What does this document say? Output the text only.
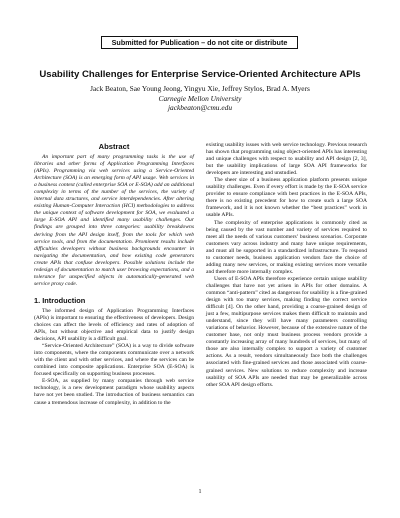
Submitted for Publication – do not cite or distribute
Usability Challenges for Enterprise Service-Oriented Architecture APIs
Jack Beaton, Sae Young Jeong, Yingyu Xie, Jeffrey Stylos, Brad A. Myers
Carnegie Mellon University
jackbeaton@cmu.edu
Abstract

An important part of many programming tasks is the use of libraries and other forms of Application Programming Interfaces (APIs). Programming via web services using a Service-Oriented Architecture (SOA) is an emerging form of API usage. Web services in a business context (called enterprise SOA or E-SOA) add an additional complexity in terms of the number of the services, the variety of internal data structures, and service interdependencies. After altering existing Human-Computer Interaction (HCI) methodologies to address the unique context of software development for SOA, we evaluated a large E-SOA API and identified many usability challenges. Our findings are grouped into three categories: usability breakdowns deriving from the API design itself, from the tools for which web service tools, and from the documentation. Prominent results include difficulties developers without business backgrounds encounter in navigating the documentation, and how existing code generators create APIs that confuse developers. Possible solutions include the redesign of documentation to match user browsing expectations, and a tolerance for unspecified objects in automatically-generated web service proxy code.

1. Introduction

The informed design of Application Programming Interfaces (APIs) is important to ensuring the effectiveness of developers. Design choices can affect the levels of efficiency and rates of adoption of APIs, but without objective and empirical data to justify design decisions, API usability is a difficult goal.

“Service-Oriented Architecture” (SOA) is a way to divide software into components, where the components communicate over a network with the client and with other services, and where the services can be combined into composite applications. Enterprise SOA (E-SOA) is focused specifically on supporting business processes.

E-SOA, as supplied by many companies through web service technology, is a new development paradigm whose usability aspects have not yet been studied. The introduction of business semantics can cause a tremendous increase of complexity, in addition to the

existing usability issues with web service technology. Previous research has shown that programming using object-oriented APIs has interesting and unique challenges with respect to usability and API design [2, 3], but the usability implications of large SOA API frameworks for developers are interesting and unstudied.

The sheer size of a business application platform presents unique usability challenges. Even if every effort is made by the E-SOA service provider to ensure compliance with best practices in the E-SOA APIs, there is no existing precedent for how to create such a large SOA framework, and it is not known whether the “best practices” work in usable APIs.

The complexity of enterprise applications is commonly cited as being caused by the vast number and variety of services required to meet all the needs of various customers’ business scenarios. Corporate customers vary across industry and many have unique requirements, and must all be supported in a standardized infrastructure. To respond to customer needs, business application vendors face the choice of adding many new services, or making existing services more versatile and therefore more internally complex.

Users of E-SOA APIs therefore experience certain unique usability challenges that have not yet arisen in APIs for other domains. A common “anti-pattern” cited as dangerous for usability is a fine-grained design with too many services, making finding the correct service difficult [4]. On the other hand, providing a coarse-grained design of just a few, multipurpose services makes them difficult to maintain and understand, since they will have many parameters controlling variations of behavior. However, because of the extensive nature of the customer base, not only must business process vendors provide a constantly increasing array of many hundreds of services, but many of those are also internally complex to support a variety of customer actions. As a result, vendors simultaneously face both the challenges associated with fine-grained services and those associated with coarse-grained services. New solutions to reduce complexity and increase usability of SOA APIs are needed that may be generalizable across other SOA API design efforts.

1
